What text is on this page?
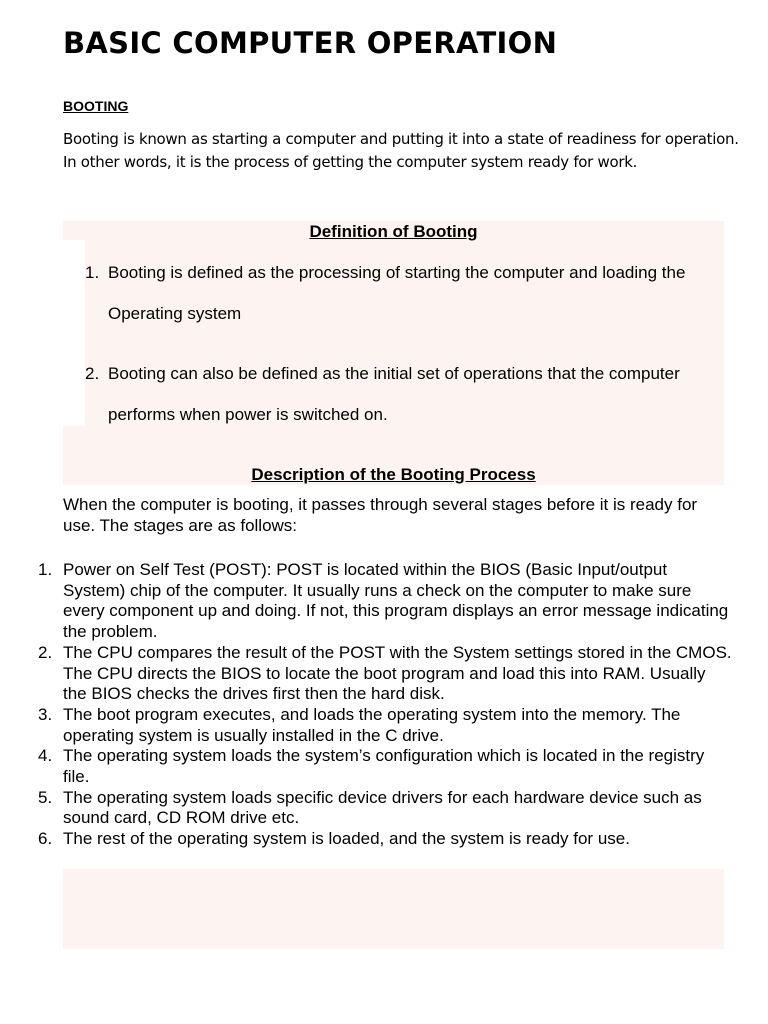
BASIC COMPUTER OPERATION
BOOTING

Booting is known as starting a computer and putting it into a state of readiness for operation. In other words, it is the process of getting the computer system ready for work.

Definition of Booting
1. Booting is defined as the processing of starting the computer and loading the Operating system
2. Booting can also be defined as the initial set of operations that the computer performs when power is switched on.
Description of the Booting Process

When the computer is booting, it passes through several stages before it is ready for use. The stages are as follows:

1. Power on Self Test (POST): POST is located within the BIOS (Basic Input/output System) chip of the computer. It usually runs a check on the computer to make sure every component up and doing. If not, this program displays an error message indicating the problem.
2. The CPU compares the result of the POST with the System settings stored in the CMOS. The CPU directs the BIOS to locate the boot program and load this into RAM. Usually the BIOS checks the drives first then the hard disk.
3. The boot program executes, and loads the operating system into the memory. The operating system is usually installed in the C drive.
4. The operating system loads the system’s configuration which is located in the registry file.
5. The operating system loads specific device drivers for each hardware device such as sound card, CD ROM drive etc.
6. The rest of the operating system is loaded, and the system is ready for use.
